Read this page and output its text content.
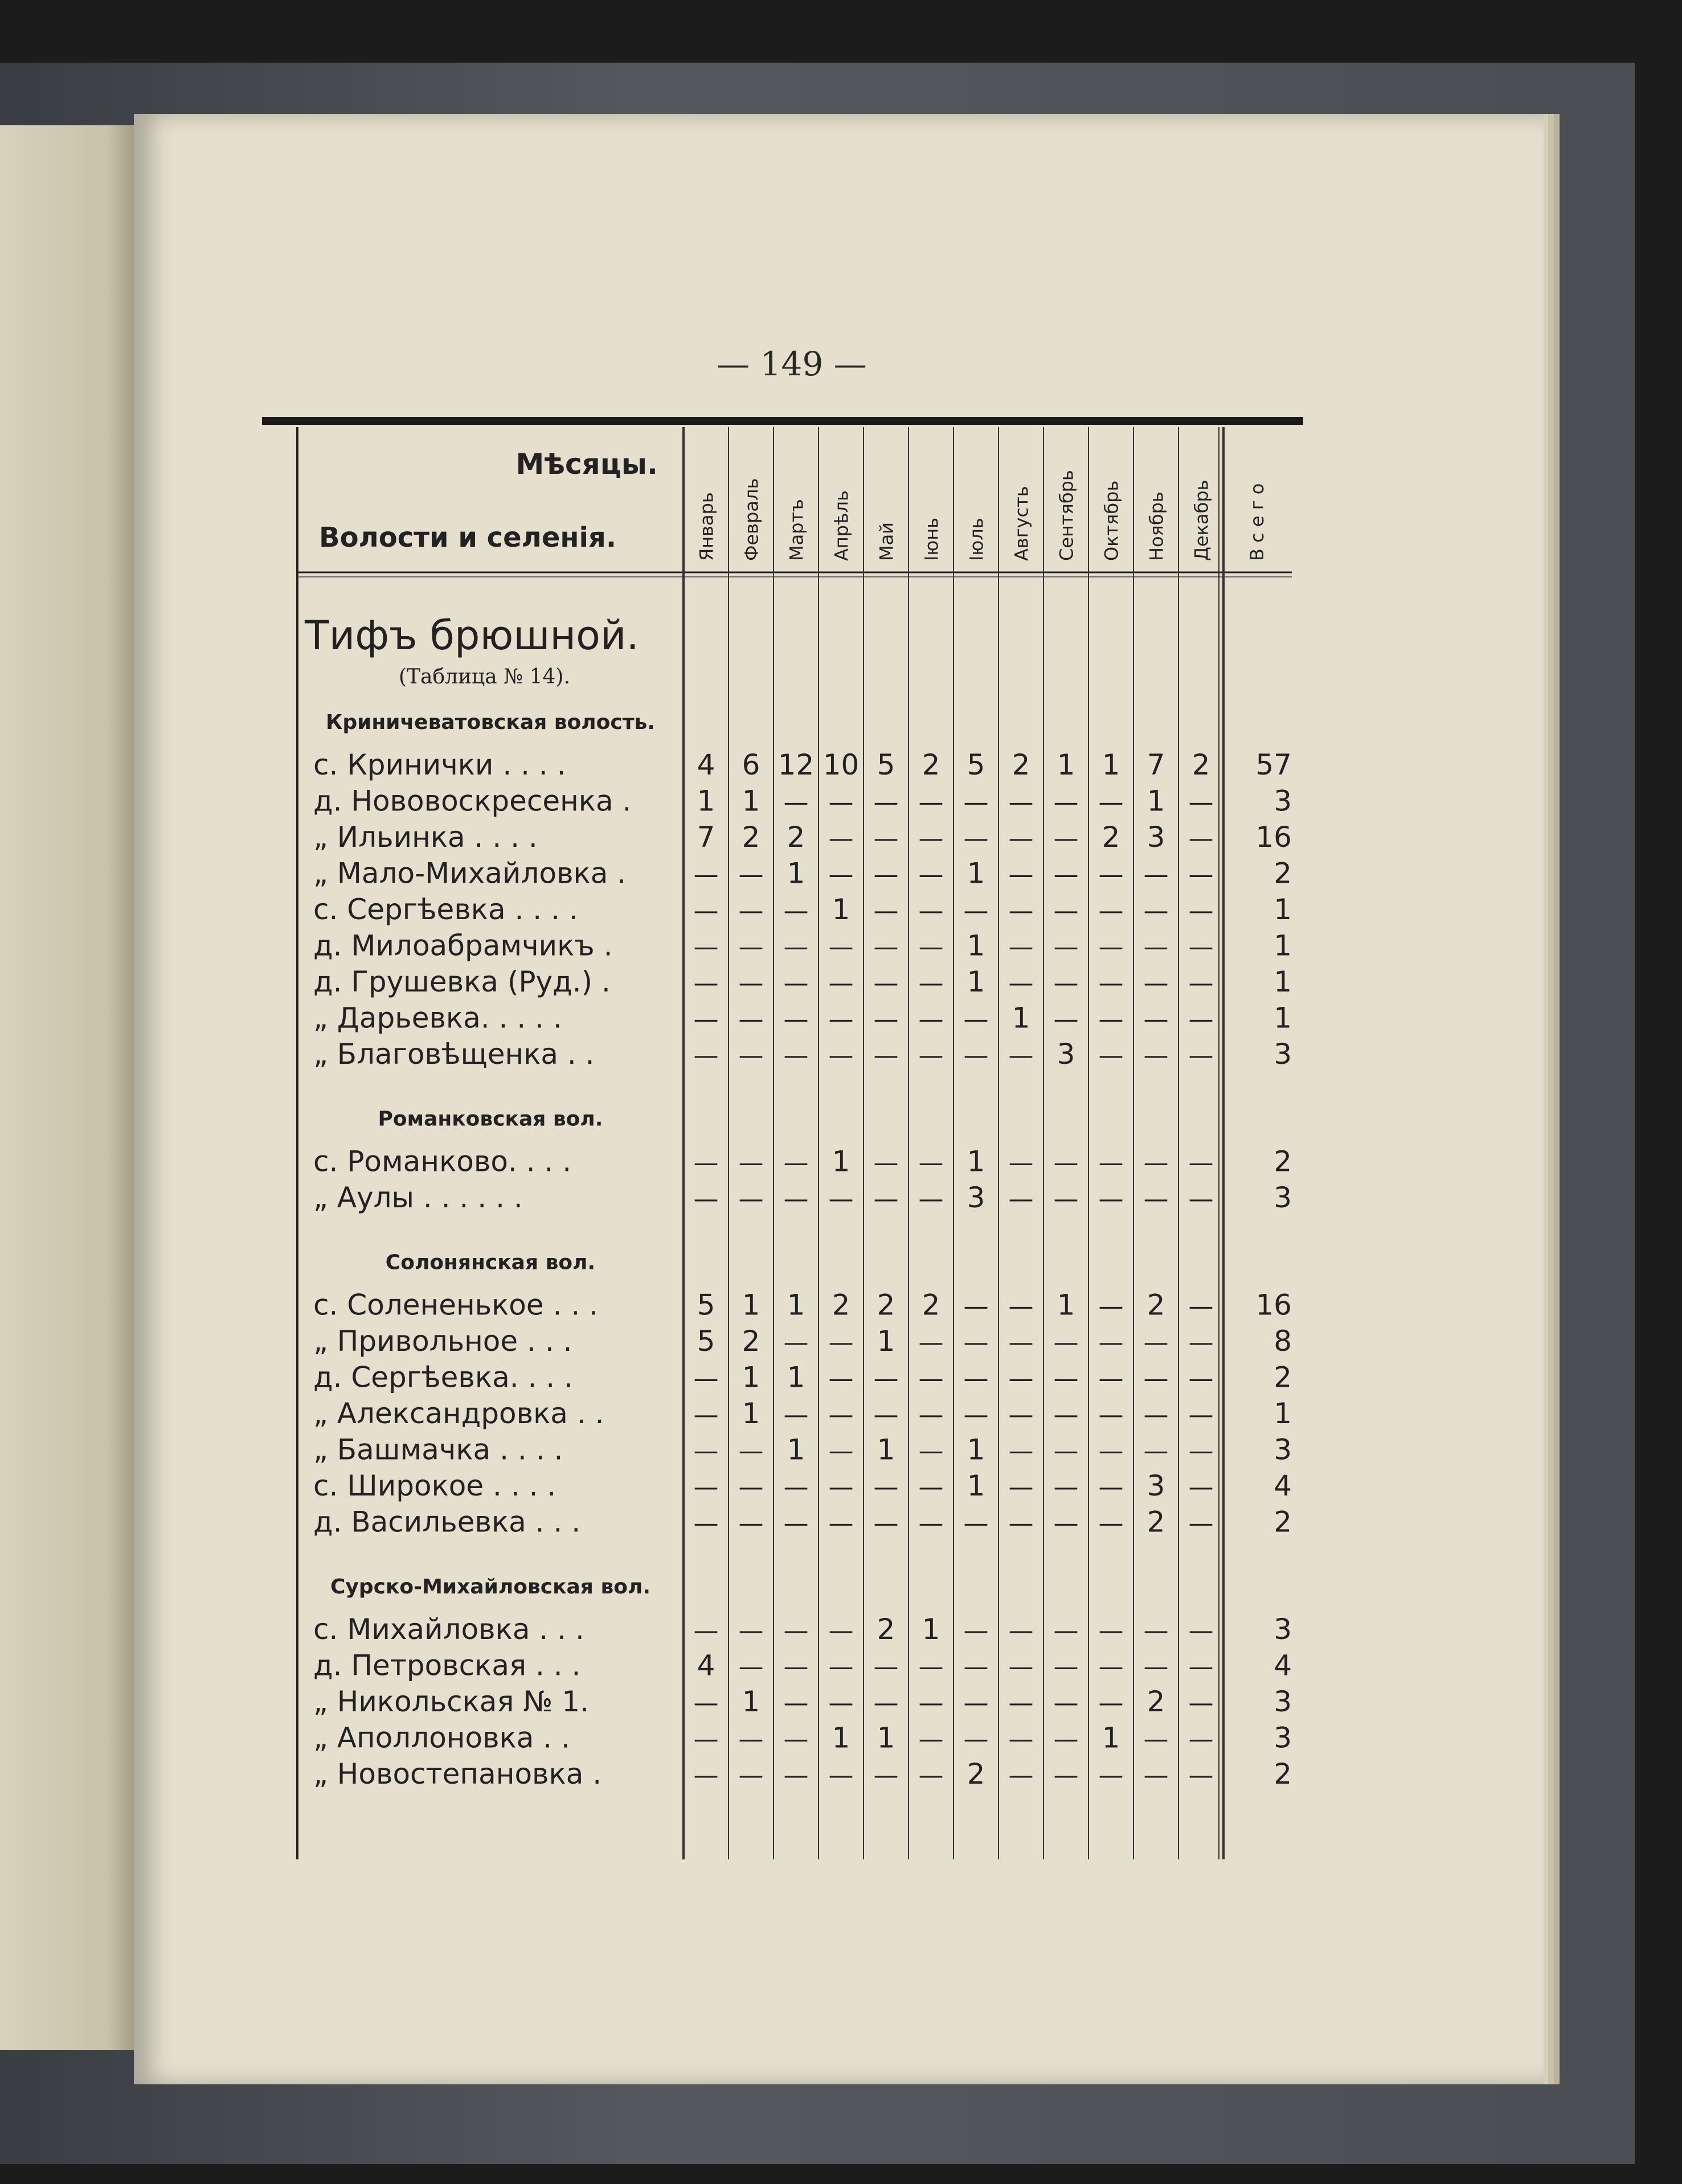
— 149 —
Мѣсяцы.
Волости и селенія.	Январь Февраль Мартъ Апрѣль Май Іюнь Іюль Августь Сентябрь Октябрь Ноябрь Декабрь В с е г о
Тифъ брюшной.
(Таблица № 14).
Криничеватовская волость.
с. Кринички . . . .	4 6 12 10 5 2 5 2 1 1 7 2 57
д. Нововоскресенка . 1 1 — — — — — — — — 1 — 3
„ Ильинка . . . .	7 2 2 — — — — — — 2 3 — 16
„ Мало-Михайловка .	— — 1 — — — 1 — — — — — 2
с. Сергѣевка . . . .	— — — 1 — — — — — — — — 1
д. Милоабрамчикъ .	— — — — — — 1 — — — — — 1
д. Грушевка (Руд.) .	— — — — — — 1 — — — — — 1
„ Дарьевка. . . . .	— — — — — — — 1 — — — — 1
„ Благовѣщенка . .	— — — — — — — — 3 — — — 3
Романковская вол.
с. Романково. . . .	— — — 1 — — 1 — — — — — 2
„ Аулы . . . . . .	— — — — — — 3 — — — — — 3
Солонянская вол.
с. Солененькое . . .	5 1 1 2 2 2 — — 1 — 2 — 16
„ Привольное . . .	5 2 — — 1 — — — — — — — 8
д. Сергѣевка. . . .	— 1 1 — — — — — — — — — 2
„ Александровка . .	— 1 — — — — — — — — — — 1
„ Башмачка . . . .	— — 1 — 1 — 1 — — — — — 3
с. Широкое . . . .	— — — — — — 1 — — — 3 — 4
д. Васильевка . . .	— — — — — — — — — — 2 — 2
Сурско-Михайловская вол.
с. Михайловка . . .	— — — — 2 1 — — — — — — 3
д. Петровская . . .	4 — — — — — — — — — — — 4
„ Никольская № 1.	— 1 — — — — — — — — 2 — 3
„ Аполлоновка . .	— — — 1 1 — — — — 1 — — 3
„ Новостепановка .	— — — — — — 2 — — — — — 2
